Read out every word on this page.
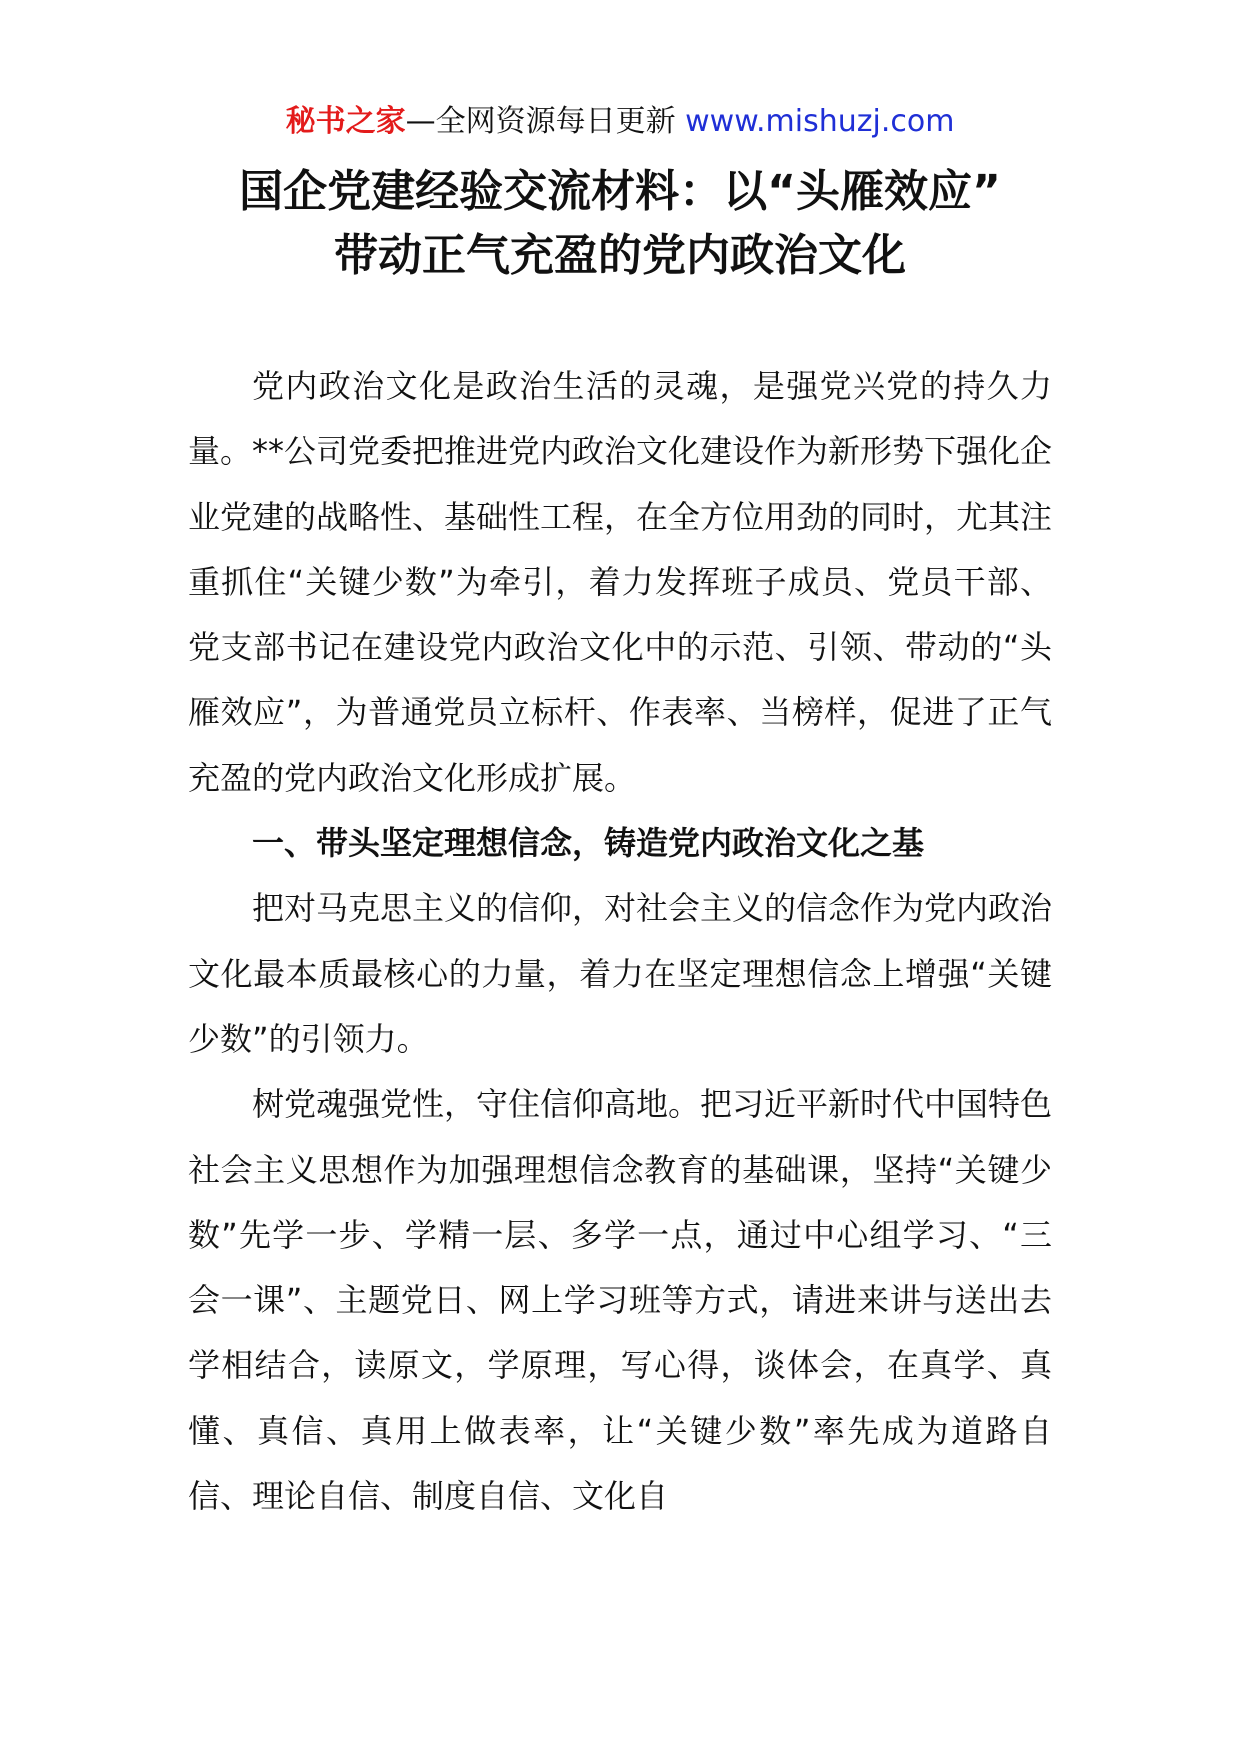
秘书之家—全网资源每日更新 www.mishuzj.com
国企党建经验交流材料：以“头雁效应”
带动正气充盈的党内政治文化

党内政治文化是政治生活的灵魂，是强党兴党的持久力量。**公司党委把推进党内政治文化建设作为新形势下强化企业党建的战略性、基础性工程，在全方位用劲的同时，尤其注重抓住“关键少数”为牵引，着力发挥班子成员、党员干部、党支部书记在建设党内政治文化中的示范、引领、带动的“头雁效应”，为普通党员立标杆、作表率、当榜样，促进了正气充盈的党内政治文化形成扩展。

一、带头坚定理想信念，铸造党内政治文化之基

把对马克思主义的信仰，对社会主义的信念作为党内政治文化最本质最核心的力量，着力在坚定理想信念上增强“关键少数”的引领力。

树党魂强党性，守住信仰高地。把习近平新时代中国特色社会主义思想作为加强理想信念教育的基础课，坚持“关键少数”先学一步、学精一层、多学一点，通过中心组学习、“三会一课”、主题党日、网上学习班等方式，请进来讲与送出去学相结合，读原文，学原理，写心得，谈体会，在真学、真懂、真信、真用上做表率，让“关键少数”率先成为道路自信、理论自信、制度自信、文化自
